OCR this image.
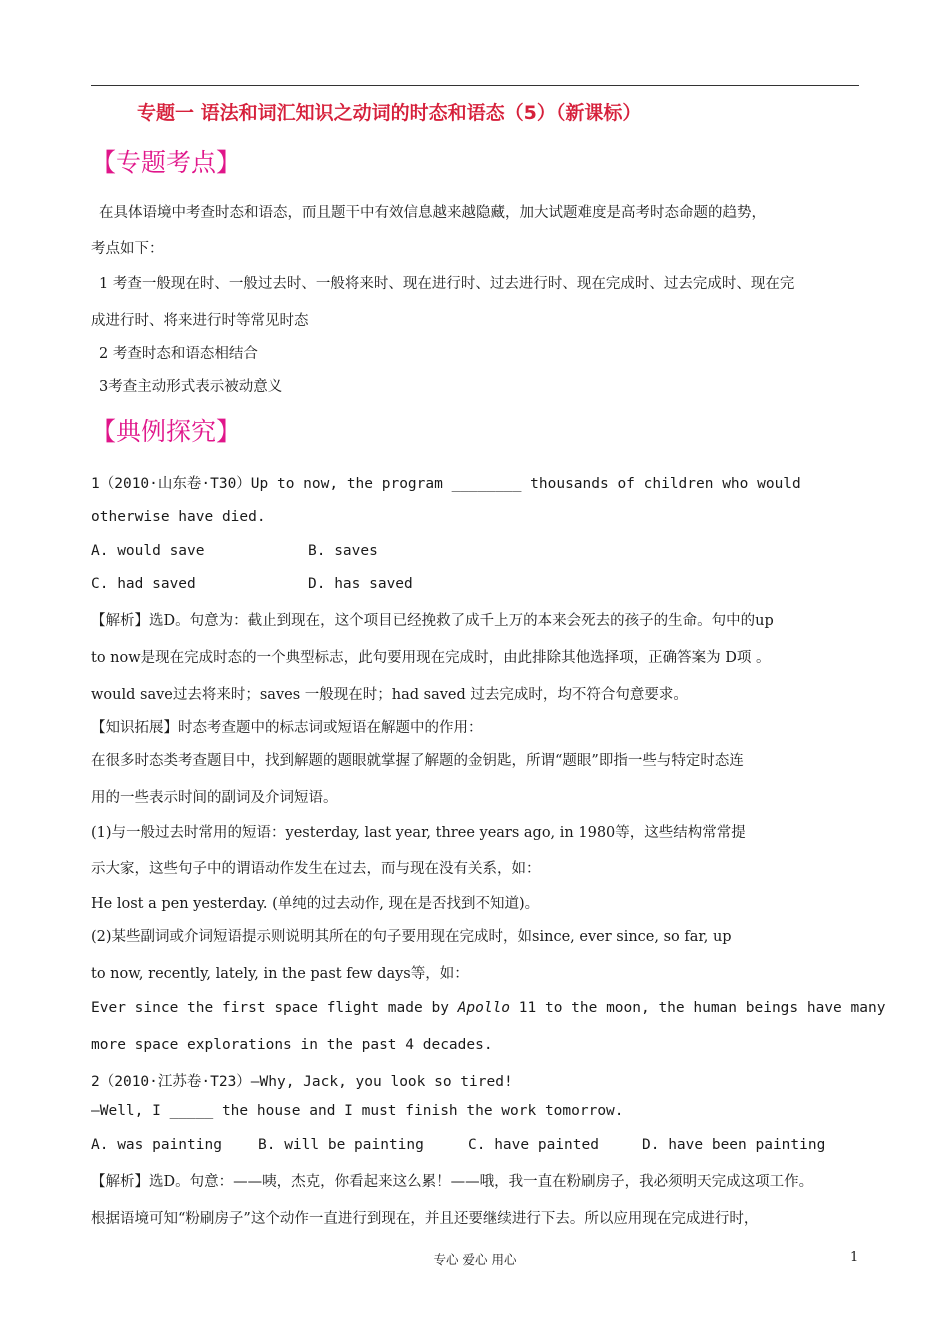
专题一 语法和词汇知识之动词的时态和语态（5）（新课标）
【专题考点】
在具体语境中考查时态和语态，而且题干中有效信息越来越隐藏，加大试题难度是高考时态命题的趋势，
考点如下：
1 考查一般现在时、一般过去时、一般将来时、现在进行时、过去进行时、现在完成时、过去完成时、现在完
成进行时、将来进行时等常见时态
2 考查时态和语态相结合
3考查主动形式表示被动意义
【典例探究】
1（2010·山东卷·T30）Up to now, the program ________ thousands of children who would
otherwise have died.
A. would save	B. saves
C. had saved	D. has saved
【解析】选D。句意为：截止到现在，这个项目已经挽救了成千上万的本来会死去的孩子的生命。句中的up
to now是现在完成时态的一个典型标志，此句要用现在完成时，由此排除其他选择项，正确答案为 D项 。
would save过去将来时；saves 一般现在时；had saved 过去完成时，均不符合句意要求。
【知识拓展】时态考查题中的标志词或短语在解题中的作用：
在很多时态类考查题目中，找到解题的题眼就掌握了解题的金钥匙，所谓“题眼”即指一些与特定时态连
用的一些表示时间的副词及介词短语。
(1)与一般过去时常用的短语：yesterday, last year, three years ago, in 1980等，这些结构常常提
示大家，这些句子中的谓语动作发生在过去，而与现在没有关系，如：
He lost a pen yesterday. (单纯的过去动作, 现在是否找到不知道)。
(2)某些副词或介词短语提示则说明其所在的句子要用现在完成时，如since, ever since, so far, up
to now, recently, lately, in the past few days等，如：
Ever since the first space flight made by Apollo 11 to the moon, the human beings have many
more space explorations in the past 4 decades.
2（2010·江苏卷·T23）—Why, Jack, you look so tired!
—Well, I _____ the house and I must finish the work tomorrow.
A. was painting B. will be painting	C. have painted	D. have been painting
【解析】选D。句意：——咦，杰克，你看起来这么累！——哦，我一直在粉刷房子，我必须明天完成这项工作。
根据语境可知“粉刷房子”这个动作一直进行到现在，并且还要继续进行下去。所以应用现在完成进行时，
专心 爱心 用心	1
